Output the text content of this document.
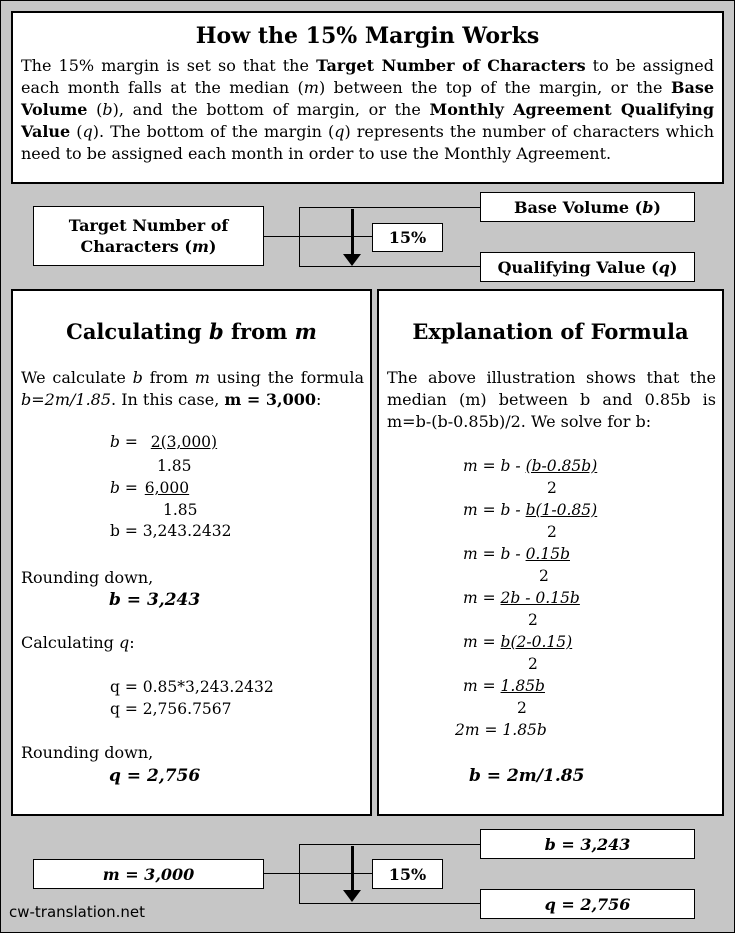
How the 15% Margin Works
The 15% margin is set so that the Target Number of Characters to be assigned each month falls at the median (m) between the top of the margin, or the Base Volume (b), and the bottom of margin, or the Monthly Agreement Qualifying Value (q). The bottom of the margin (q) represents the number of characters which need to be assigned each month in order to use the Monthly Agreement.
Target Number of Characters (m)	15%
Base Volume (b)
Qualifying Value (q)
Calculating b from m
We calculate b from m using the formula b=2m/1.85. In this case, m = 3,000:
b = 2(3,000)
1.85
b = 6,000
1.85
b = 3,243.2432
Rounding down,
b = 3,243
Calculating q:
q = 0.85*3,243.2432
q = 2,756.7567
Rounding down,
q = 2,756
Explanation of Formula
The above illustration shows that the median (m) between b and 0.85b is m=b-(b-0.85b)/2. We solve for b:
m = b - (b-0.85b)
2
m = b - b(1-0.85)
2
m = b - 0.15b
2
m = 2b - 0.15b
2
m = b(2-0.15)
2
m = 1.85b
2
2m = 1.85b
b = 2m/1.85
m = 3,000	15%
b = 3,243
q = 2,756
cw-translation.net
